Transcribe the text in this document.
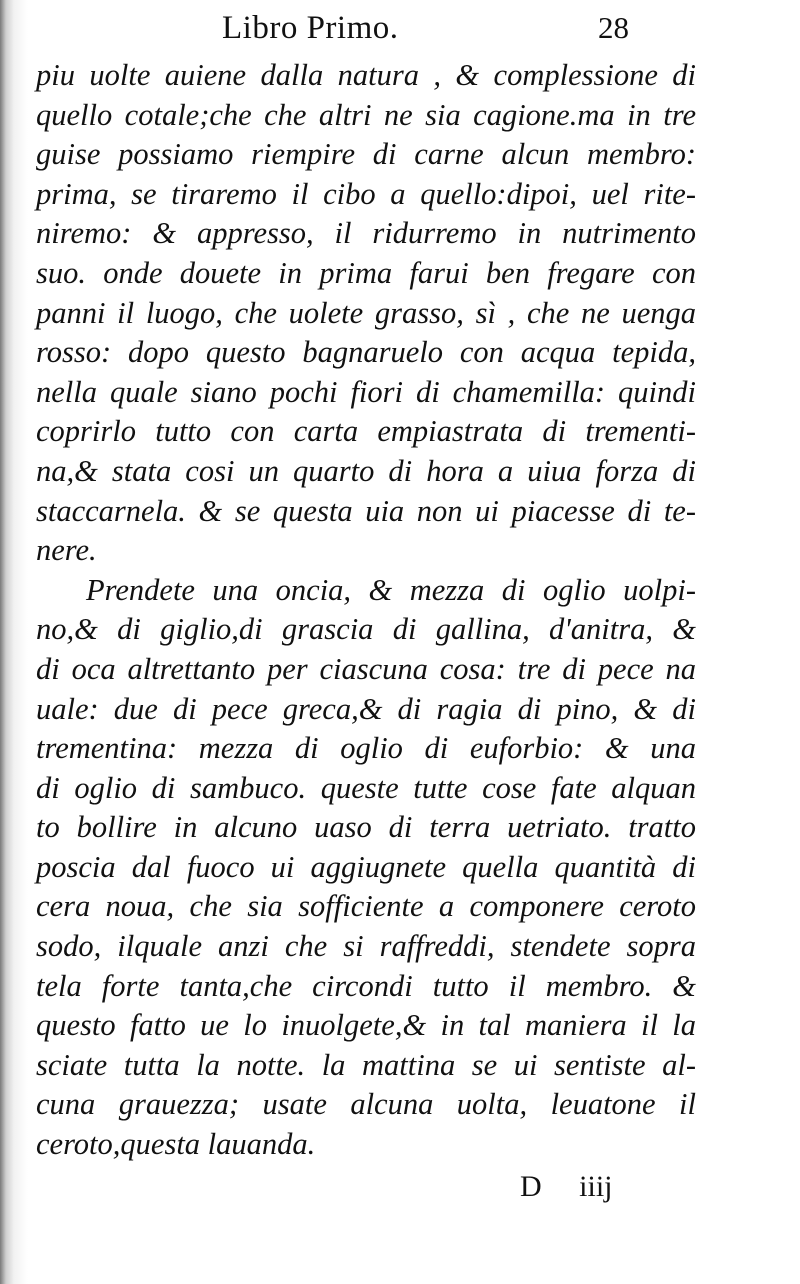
Libro Primo.	28
piu uolte auiene dalla natura , & complessione di
quello cotale;che che altri ne sia cagione.ma in tre
guise possiamo riempire di carne alcun membro:
prima, se tiraremo il cibo a quello:dipoi, uel rite-
niremo: & appresso, il ridurremo in nutrimento
suo. onde douete in prima farui ben fregare con
panni il luogo, che uolete grasso, sì , che ne uenga
rosso: dopo questo bagnaruelo con acqua tepida,
nella quale siano pochi fiori di chamemilla: quindi
coprirlo tutto con carta empiastrata di trementi-
na,& stata cosi un quarto di hora a uiua forza di
staccarnela. & se questa uia non ui piacesse di te-
nere.
Prendete una oncia, & mezza di oglio uolpi-
no,& di giglio,di grascia di gallina, d'anitra, &
di oca altrettanto per ciascuna cosa: tre di pece na
uale: due di pece greca,& di ragia di pino, & di
trementina: mezza di oglio di euforbio: & una
di oglio di sambuco. queste tutte cose fate alquan
to bollire in alcuno uaso di terra uetriato. tratto
poscia dal fuoco ui aggiugnete quella quantità di
cera noua, che sia sofficiente a componere ceroto
sodo, ilquale anzi che si raffreddi, stendete sopra
tela forte tanta,che circondi tutto il membro. &
questo fatto ue lo inuolgete,& in tal maniera il la
sciate tutta la notte. la mattina se ui sentiste al-
cuna grauezza; usate alcuna uolta, leuatone il
ceroto,questa lauanda.
D iiij
